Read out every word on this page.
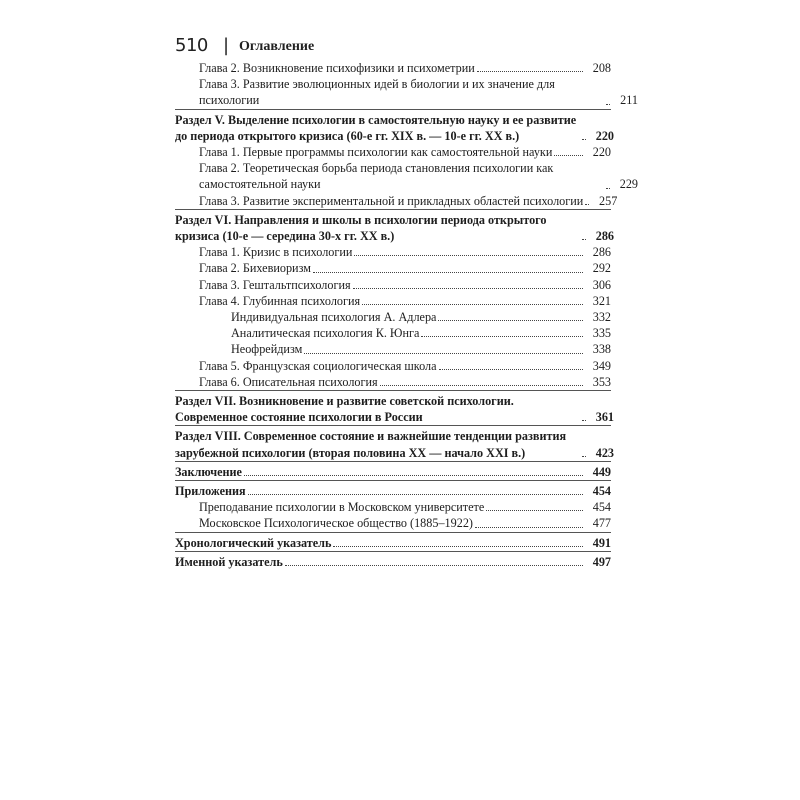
510 | Оглавление
Глава 2. Возникновение психофизики и психометрии	208
Глава 3. Развитие эволюционных идей в биологии и их значение для психологии	211
Раздел V. Выделение психологии в самостоятельную науку и ее развитие до периода открытого кризиса (60-е гг. XIX в. — 10-е гг. XX в.)	220
Глава 1. Первые программы психологии как самостоятельной науки	220
Глава 2. Теоретическая борьба периода становления психологии как самостоятельной науки	229
Глава 3. Развитие экспериментальной и прикладных областей психологии	257
Раздел VI. Направления и школы в психологии периода открытого кризиса (10-е — середина 30-х гг. XX в.)	286
Глава 1. Кризис в психологии	286
Глава 2. Бихевиоризм	292
Глава 3. Гештальтпсихология	306
Глава 4. Глубинная психология	321
Индивидуальная психология А. Адлера	332
Аналитическая психология К. Юнга	335
Неофрейдизм	338
Глава 5. Французская социологическая школа	349
Глава 6. Описательная психология	353
Раздел VII. Возникновение и развитие советской психологии. Современное состояние психологии в России	361
Раздел VIII. Современное состояние и важнейшие тенденции развития зарубежной психологии (вторая половина XX — начало XXI в.)	423
Заключение	449
Приложения	454
Преподавание психологии в Московском университете	454
Московское Психологическое общество (1885–1922)	477
Хронологический указатель	491
Именной указатель	497
